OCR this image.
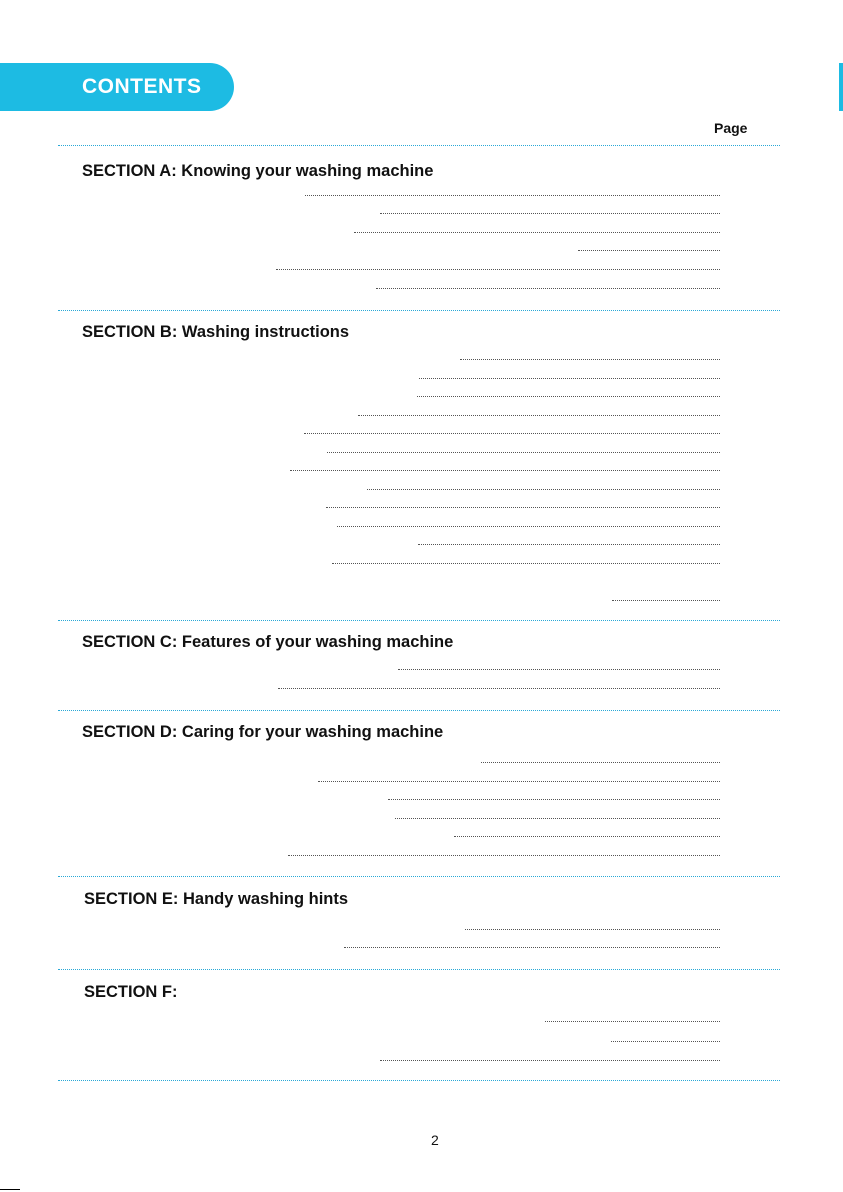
CONTENTS
Page
SECTION A: Knowing your washing machine
SECTION B: Washing instructions
SECTION C: Features of your washing machine
SECTION D: Caring for your washing machine
SECTION E: Handy washing hints
SECTION F:
2
